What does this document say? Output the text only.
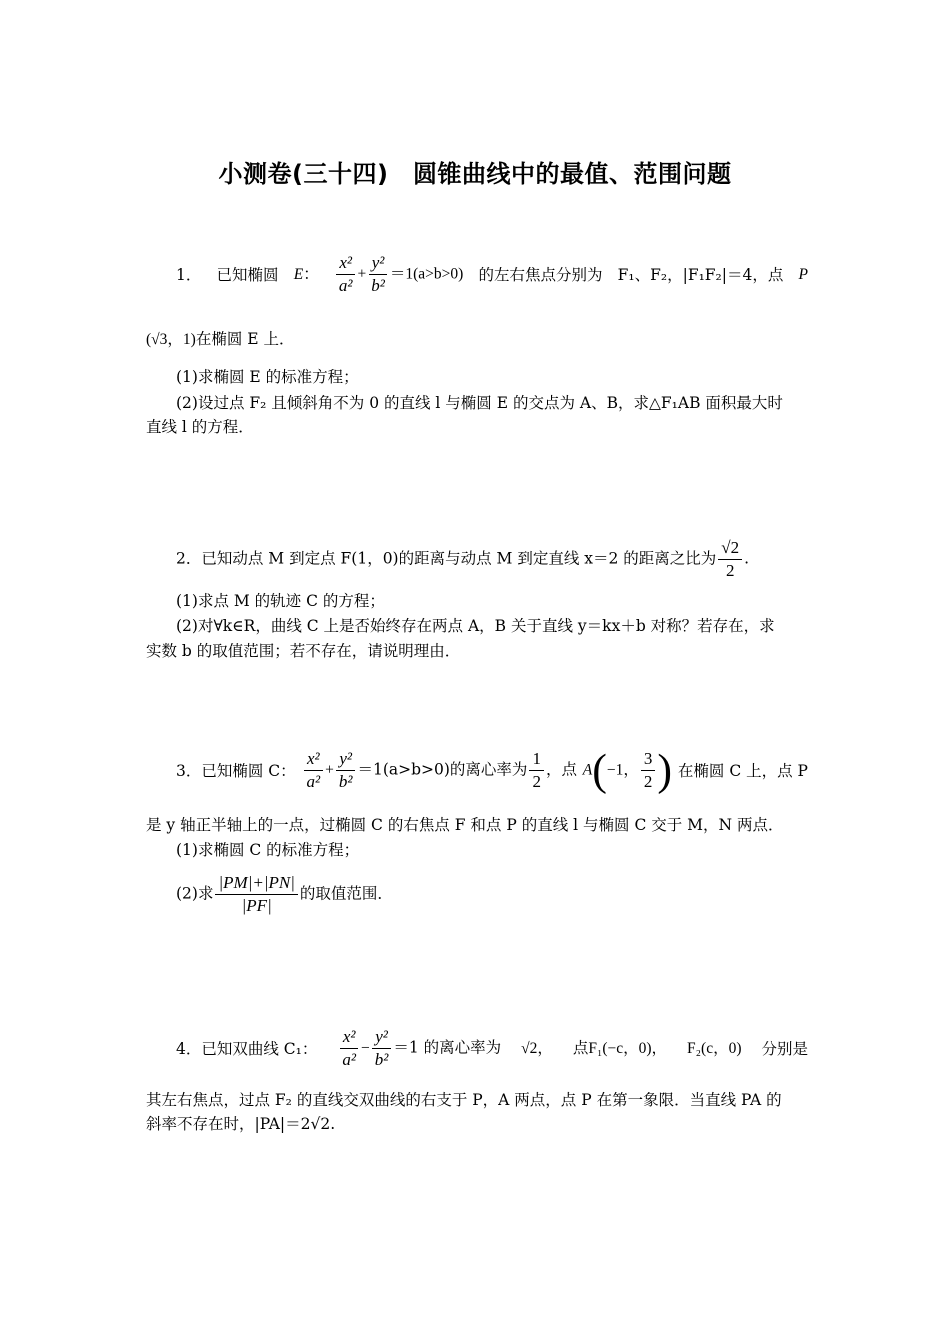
小测卷(三十四)　圆锥曲线中的最值、范围问题
1． 已知椭圆 E： $\frac{\text{x²}}{\text{a²}} + \frac{\text{y²}}{\text{b²}} =1(a>b>0)$ 的左右焦点分别为 F₁、F₂，|F₁F₂|＝4，点 P
(√3，1)在椭圆 E 上．
(1)求椭圆 E 的标准方程；
(2)设过点 F₂ 且倾斜角不为 0 的直线 l 与椭圆 E 的交点为 A、B，求△F₁AB 面积最大时
直线 l 的方程．
2．已知动点 M 到定点 F(1，0)的距离与动点 M 到定直线 x＝2 的距离之比为 $\frac{√2}{2}$ .
(1)求点 M 的轨迹 C 的方程；
(2)对∀k∈R，曲线 C 上是否始终存在两点 A，B 关于直线 y＝kx＋b 对称？若存在，求
实数 b 的取值范围；若不存在，请说明理由．
3．已知椭圆 C： $\frac{\text{x²}}{\text{a²}} + \frac{\text{y²}}{\text{b²}} =1(a>b>0)$的离心率为 $\frac{1}{2}$ ，点 A(−1， $\frac{3}{2}$ ) 在椭圆 C 上，点 P
是 y 轴正半轴上的一点，过椭圆 C 的右焦点 F 和点 P 的直线 l 与椭圆 C 交于 M，N 两点．
(1)求椭圆 C 的标准方程；
(2)求 $\frac{|PM|+|PN|}{|PF|}$ 的取值范围．
4．已知双曲线 C₁： $\frac{\text{x²}}{\text{a²}} - \frac{\text{y²}}{\text{b²}} =1$ 的离心率为 √2， 点F₁(−c，0)， F₂(c，0) 分别是
其左右焦点，过点 F₂ 的直线交双曲线的右支于 P，A 两点，点 P 在第一象限．当直线 PA 的
斜率不存在时，|PA|＝2√2.
